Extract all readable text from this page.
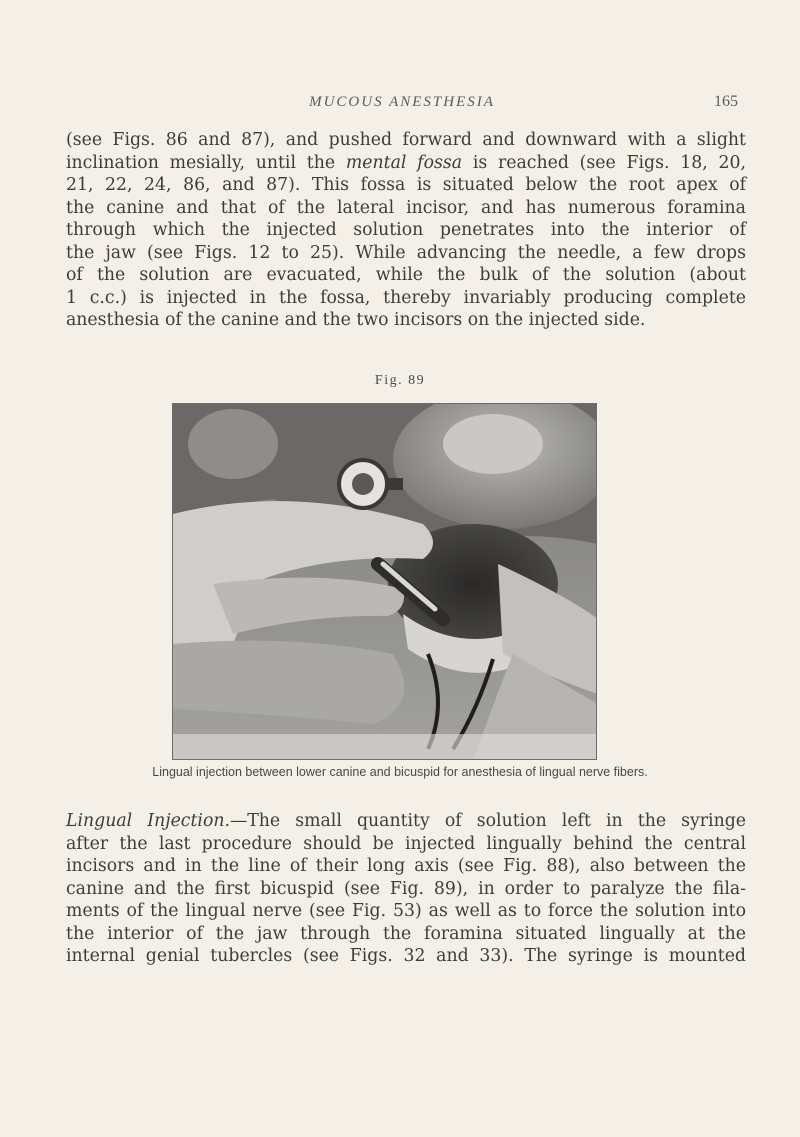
MUCOUS ANESTHESIA	165
(see Figs. 86 and 87), and pushed forward and downward with a slight
inclination mesially, until the mental fossa is reached (see Figs. 18, 20,
21, 22, 24, 86, and 87). This fossa is situated below the root apex of
the canine and that of the lateral incisor, and has numerous foramina
through which the injected solution penetrates into the interior of
the jaw (see Figs. 12 to 25). While advancing the needle, a few drops
of the solution are evacuated, while the bulk of the solution (about
1 c.c.) is injected in the fossa, thereby invariably producing complete
anesthesia of the canine and the two incisors on the injected side.
Fig. 89
Lingual injection between lower canine and bicuspid for anesthesia of lingual nerve fibers.
Lingual Injection.—The small quantity of solution left in the syringe
after the last procedure should be injected lingually behind the central
incisors and in the line of their long axis (see Fig. 88), also between the
canine and the first bicuspid (see Fig. 89), in order to paralyze the fila-
ments of the lingual nerve (see Fig. 53) as well as to force the solution into
the interior of the jaw through the foramina situated lingually at the
internal genial tubercles (see Figs. 32 and 33). The syringe is mounted
